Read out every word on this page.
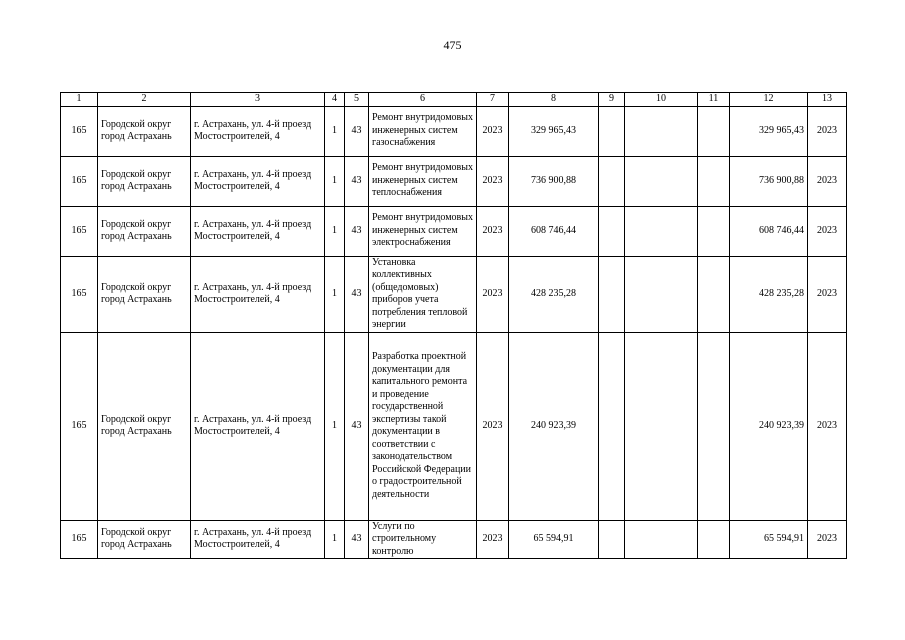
475
1	2	3	4	5	6	7	8	9	10	11	12	13
165	Городской округ город Астрахань	г. Астрахань, ул. 4-й проезд Мостостроителей, 4	1	43	Ремонт внутридомовых инженерных систем газоснабжения	2023	329 965,43				329 965,43	2023
165	Городской округ город Астрахань	г. Астрахань, ул. 4-й проезд Мостостроителей, 4	1	43	Ремонт внутридомовых инженерных систем теплоснабжения	2023	736 900,88				736 900,88	2023
165	Городской округ город Астрахань	г. Астрахань, ул. 4-й проезд Мостостроителей, 4	1	43	Ремонт внутридомовых инженерных систем электроснабжения	2023	608 746,44				608 746,44	2023
165	Городской округ город Астрахань	г. Астрахань, ул. 4-й проезд Мостостроителей, 4	1	43	Установка коллективных (общедомовых) приборов учета потребления тепловой энергии	2023	428 235,28				428 235,28	2023
165	Городской округ город Астрахань	г. Астрахань, ул. 4-й проезд Мостостроителей, 4	1	43	Разработка проектной документации для капитального ремонта и проведение государственной экспертизы такой документации в соответствии с законодательством Российской Федерации о градостроительной деятельности	2023	240 923,39				240 923,39	2023
165	Городской округ город Астрахань	г. Астрахань, ул. 4-й проезд Мостостроителей, 4	1	43	Услуги по строительному контролю	2023	65 594,91				65 594,91	2023
